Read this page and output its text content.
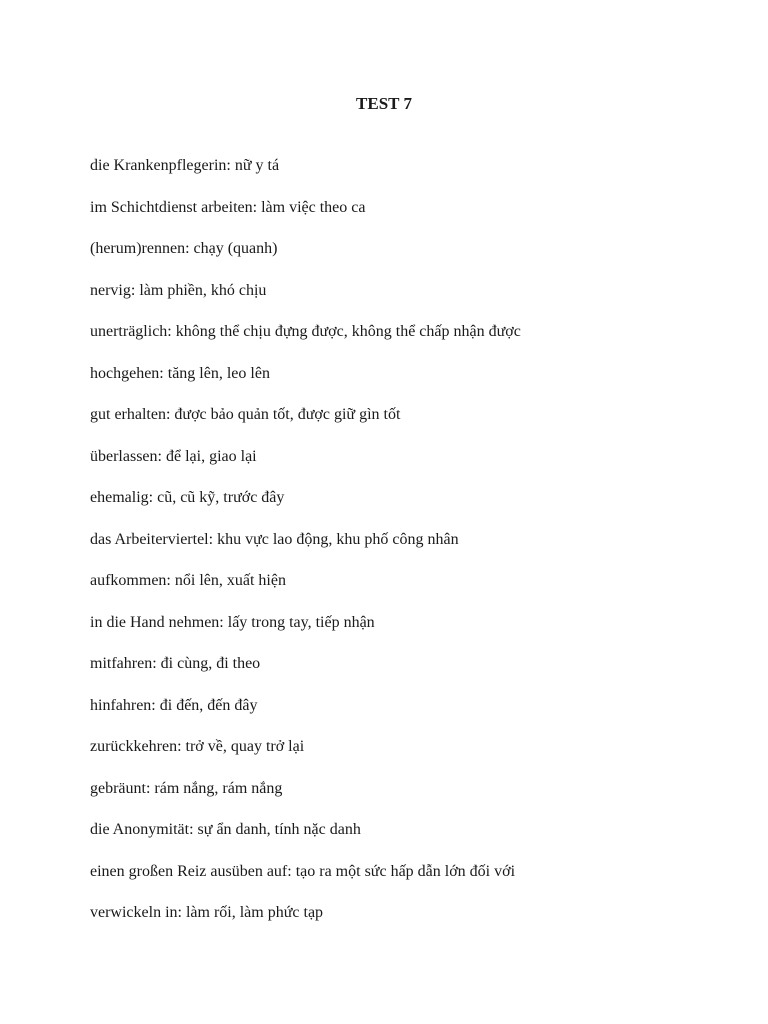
TEST 7
die Krankenpflegerin: nữ y tá
im Schichtdienst arbeiten: làm việc theo ca
(herum)rennen: chạy (quanh)
nervig: làm phiền, khó chịu
unerträglich: không thể chịu đựng được, không thể chấp nhận được
hochgehen: tăng lên, leo lên
gut erhalten: được bảo quản tốt, được giữ gìn tốt
überlassen: để lại, giao lại
ehemalig: cũ, cũ kỹ, trước đây
das Arbeiterviertel: khu vực lao động, khu phố công nhân
aufkommen: nổi lên, xuất hiện
in die Hand nehmen: lấy trong tay, tiếp nhận
mitfahren: đi cùng, đi theo
hinfahren: đi đến, đến đây
zurückkehren: trở về, quay trở lại
gebräunt: rám nắng, rám nắng
die Anonymität: sự ẩn danh, tính nặc danh
einen großen Reiz ausüben auf: tạo ra một sức hấp dẫn lớn đối với
verwickeln in: làm rối, làm phức tạp
